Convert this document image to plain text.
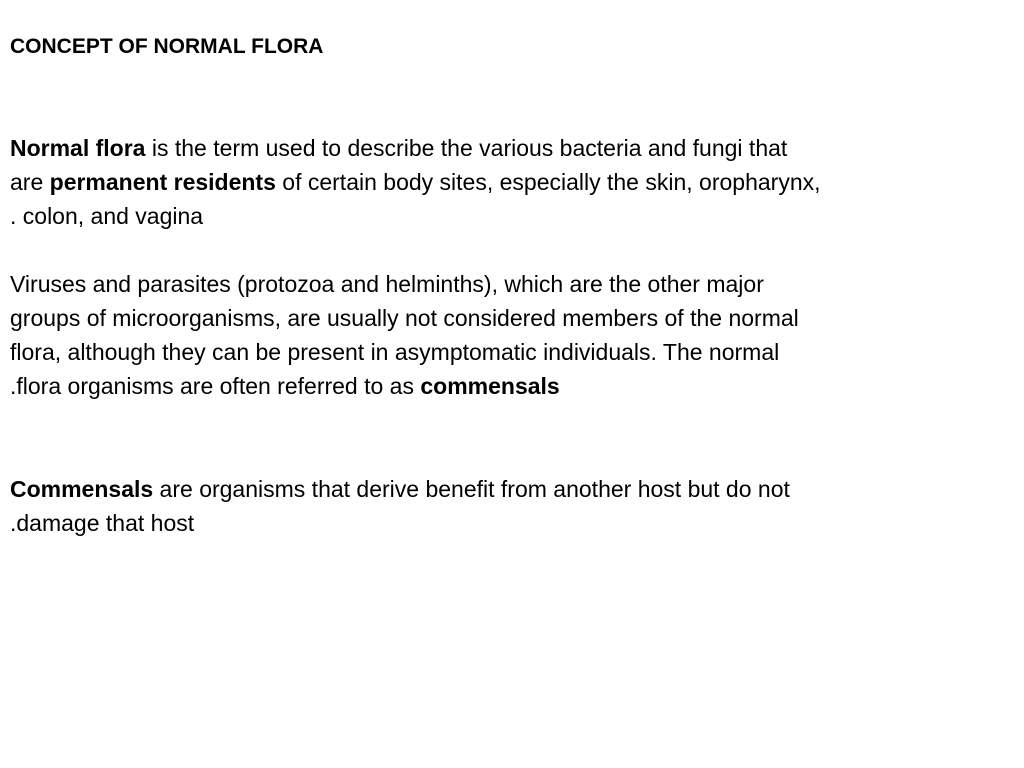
CONCEPT OF NORMAL FLORA
Normal flora is the term used to describe the various bacteria and fungi that
are permanent residents of certain body sites, especially the skin, oropharynx,
. colon, and vagina
Viruses and parasites (protozoa and helminths), which are the other major
groups of microorganisms, are usually not considered members of the normal
flora, although they can be present in asymptomatic individuals. The normal
.flora organisms are often referred to as commensals
Commensals are organisms that derive benefit from another host but do not
.damage that host
